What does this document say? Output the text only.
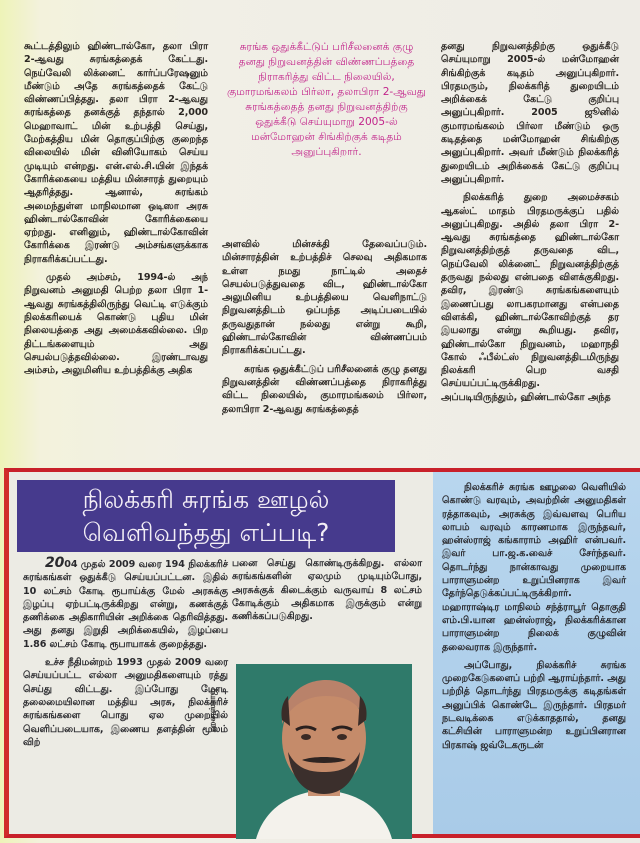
கூட்டத்திலும் ஹிண்டால்கோ, தலா பிரா 2-ஆவது சுரங்கத்தைக் கேட்டது. நெய்வேலி லிக்னைட் கார்ப்பரேஷனும் மீண்டும் அதே சுரங்கத்தைக் கேட்டு விண்ணப்பித்தது. தலா பிரா 2-ஆவது சுரங்கத்தை தனக்குத் தந்தால் 2,000 மெஹாவாட் மின் உற்பத்தி செய்து, மேற்கத்திய மின் தொகுப்பிற்கு குறைந்த விலையில் மின் வினியோகம் செய்ய முடியும் என்றது. என்.எல்.சி.யின் இந்தக் கோரிக்கையை மத்திய மின்சாரத் துறையும் ஆதரித்தது. ஆனால், சுரங்கம் அமைந்துள்ள மாநிலமான ஒடிஸா அரசு ஹிண்டால்கோவின் கோரிக்கையை ஏற்றது. எனினும், ஹிண்டால்கோவின் கோரிக்கை இரண்டு அம்சங்களுக்காக நிராகரிக்கப்பட்டது.

முதல் அம்சம், 1994-ல் அந் நிறுவனம் அனுமதி பெற்ற தலா பிரா 1-ஆவது சுரங்கத்திலிருந்து வெட்டி எடுக்கும் நிலக்கரியைக் கொண்டு புதிய மின் நிலையத்தை அது அமைக்கவில்லை. பிற திட்டங்களையும் அது செயல்படுத்தவில்லை. இரண்டாவது அம்சம், அலுமினிய உற்பத்திக்கு அதிக

சுரங்க ஒதுக்கீட்டுப் பரிசீலனைக் குழு தனது நிறுவனத்தின் விண்ணப்பத்தை நிராகரித்து விட்ட நிலையில், குமாரமங்கலம் பிர்லா, தலாபிரா 2-ஆவது சுரங்கத்தைத் தனது நிறுவனத்திற்கு ஒதுக்கீடு செய்யுமாறு 2005-ல் மன்மோஹன் சிங்கிற்குக் கடிதம் அனுப்புகிறார்.

அளவில் மின்சக்தி தேவைப்படும். மின்சாரத்தின் உற்பத்திச் செலவு அதிகமாக உள்ள நமது நாட்டில் அதைச் செயல்படுத்துவதை விட, ஹிண்டால்கோ அலுமினிய உற்பத்தியை வெளிநாட்டு நிறுவனத்திடம் ஒப்பந்த அடிப்படையில் தருவதுதான் நல்லது என்று கூறி, ஹிண்டால்கோவின் விண்ணப்பம் நிராகரிக்கப்பட்டது.

சுரங்க ஒதுக்கீட்டுப் பரிசீலனைக் குழு தனது நிறுவனத்தின் விண்ணப்பத்தை நிராகரித்து விட்ட நிலையில், குமாரமங்கலம் பிர்லா, தலாபிரா 2-ஆவது சுரங்கத்தைத்

தனது நிறுவனத்திற்கு ஒதுக்கீடு செய்யுமாறு 2005-ல் மன்மோஹன் சிங்கிற்குக் கடிதம் அனுப்புகிறார். பிரதமரும், நிலக்கரித் துறையிடம் அறிக்கைக் கேட்டு குறிப்பு அனுப்புகிறார். 2005 ஜூனில் குமாரமங்கலம் பிர்லா மீண்டும் ஒரு கடிதத்தை மன்மோஹன் சிங்கிற்கு அனுப்புகிறார். அவர் மீண்டும் நிலக்கரித் துறையிடம் அறிக்கைக் கேட்டு குறிப்பு அனுப்புகிறார்.

நிலக்கரித் துறை அமைச்சகம் ஆகஸ்ட் மாதம் பிரதமருக்குப் பதில் அனுப்புகிறது. அதில் தலா பிரா 2-ஆவது சுரங்கத்தை ஹிண்டால்கோ நிறுவனத்திற்குத் தருவதை விட, நெய்வேலி லிக்னைட் நிறுவனத்திற்குத் தருவது நல்லது என்பதை விளக்குகிறது. தவிர, இரண்டு சுரங்கங்களையும் இணைப்பது லாபகரமானது என்பதை விளக்கி, ஹிண்டால்கோவிற்குத் தர இயலாது என்று கூறியது. தவிர, ஹிண்டால்கோ நிறுவனம், மஹாநதி கோல் ஃபீல்ட்ஸ் நிறுவனத்திடமிருந்து நிலக்கரி பெற வசதி செய்யப்பட்டிருக்கிறது. அப்படியிருந்தும், ஹிண்டால்கோ அந்த

நிலக்கரி சுரங்க ஊழல்
வெளிவந்தது எப்படி?

2004 முதல் 2009 வரை 194 நிலக்கரிச் சுரங்கங்கள் ஒதுக்கீடு செய்யப்பட்டன. இதில் 10 லட்சம் கோடி ரூபாய்க்கு மேல் அரசுக்கு இழப்பு ஏற்பட்டிருக்கிறது என்று, கணக்குத் தணிக்கை அதிகாரியின் அறிக்கை தெரிவித்தது. அது தனது இறுதி அறிக்கையில், இழப்பை 1.86 லட்சம் கோடி ரூபாயாகக் குறைத்தது.

உச்ச நீதிமன்றம் 1993 முதல் 2009 வரை செய்யப்பட்ட எல்லா அனுமதிகளையும் ரத்து செய்து விட்டது. இப்போது மோடி தலைமையிலான மத்திய அரசு, நிலக்கரிச் சுரங்கங்களை பொது ஏல முறையில் வெளிப்படையாக, இணைய தளத்தின் மூலம் விற்

ஹன்ஸ்ராஜ்

பனை செய்து கொண்டிருக்கிறது. எல்லா சுரங்கங்களின் ஏலமும் முடியும்போது, அரசுக்குக் கிடைக்கும் வருவாய் 8 லட்சம் கோடிக்கும் அதிகமாக இருக்கும் என்று கணிக்கப்படுகிறது.

நிலக்கரிச் சுரங்க ஊழலை வெளியில் கொண்டு வரவும், அவற்றின் அனுமதிகள் ரத்தாகவும், அரசுக்கு இவ்வளவு பெரிய லாபம் வரவும் காரணமாக இருந்தவர், ஹன்ஸ்ராஜ் கங்காராம் அஹிர் என்பவர். இவர் பா.ஜ.க.வைச் சேர்ந்தவர். தொடர்ந்து நான்காவது முறையாக பாராளுமன்ற உறுப்பினராக இவர் தேர்ந்தெடுக்கப்பட்டிருக்கிறார். மஹாராஷ்டிர மாநிலம் சந்த்ராபூர் தொகுதி எம்.பி.யான ஹன்ஸ்ராஜ், நிலக்கரிக்கான பாராளுமன்ற நிலைக் குழுவின் தலைவராக இருந்தார்.

அப்போது, நிலக்கரிச் சுரங்க முறைகேடுகளைப் பற்றி ஆராய்ந்தார். அது பற்றித் தொடர்ந்து பிரதமருக்கு கடிதங்கள் அனுப்பிக் கொண்டே இருந்தார். பிரதமர் நடவடிக்கை எடுக்காததால், தனது கட்சியின் பாராளுமன்ற உறுப்பினரான பிரகாஷ் ஜவ்டேகருடன்
